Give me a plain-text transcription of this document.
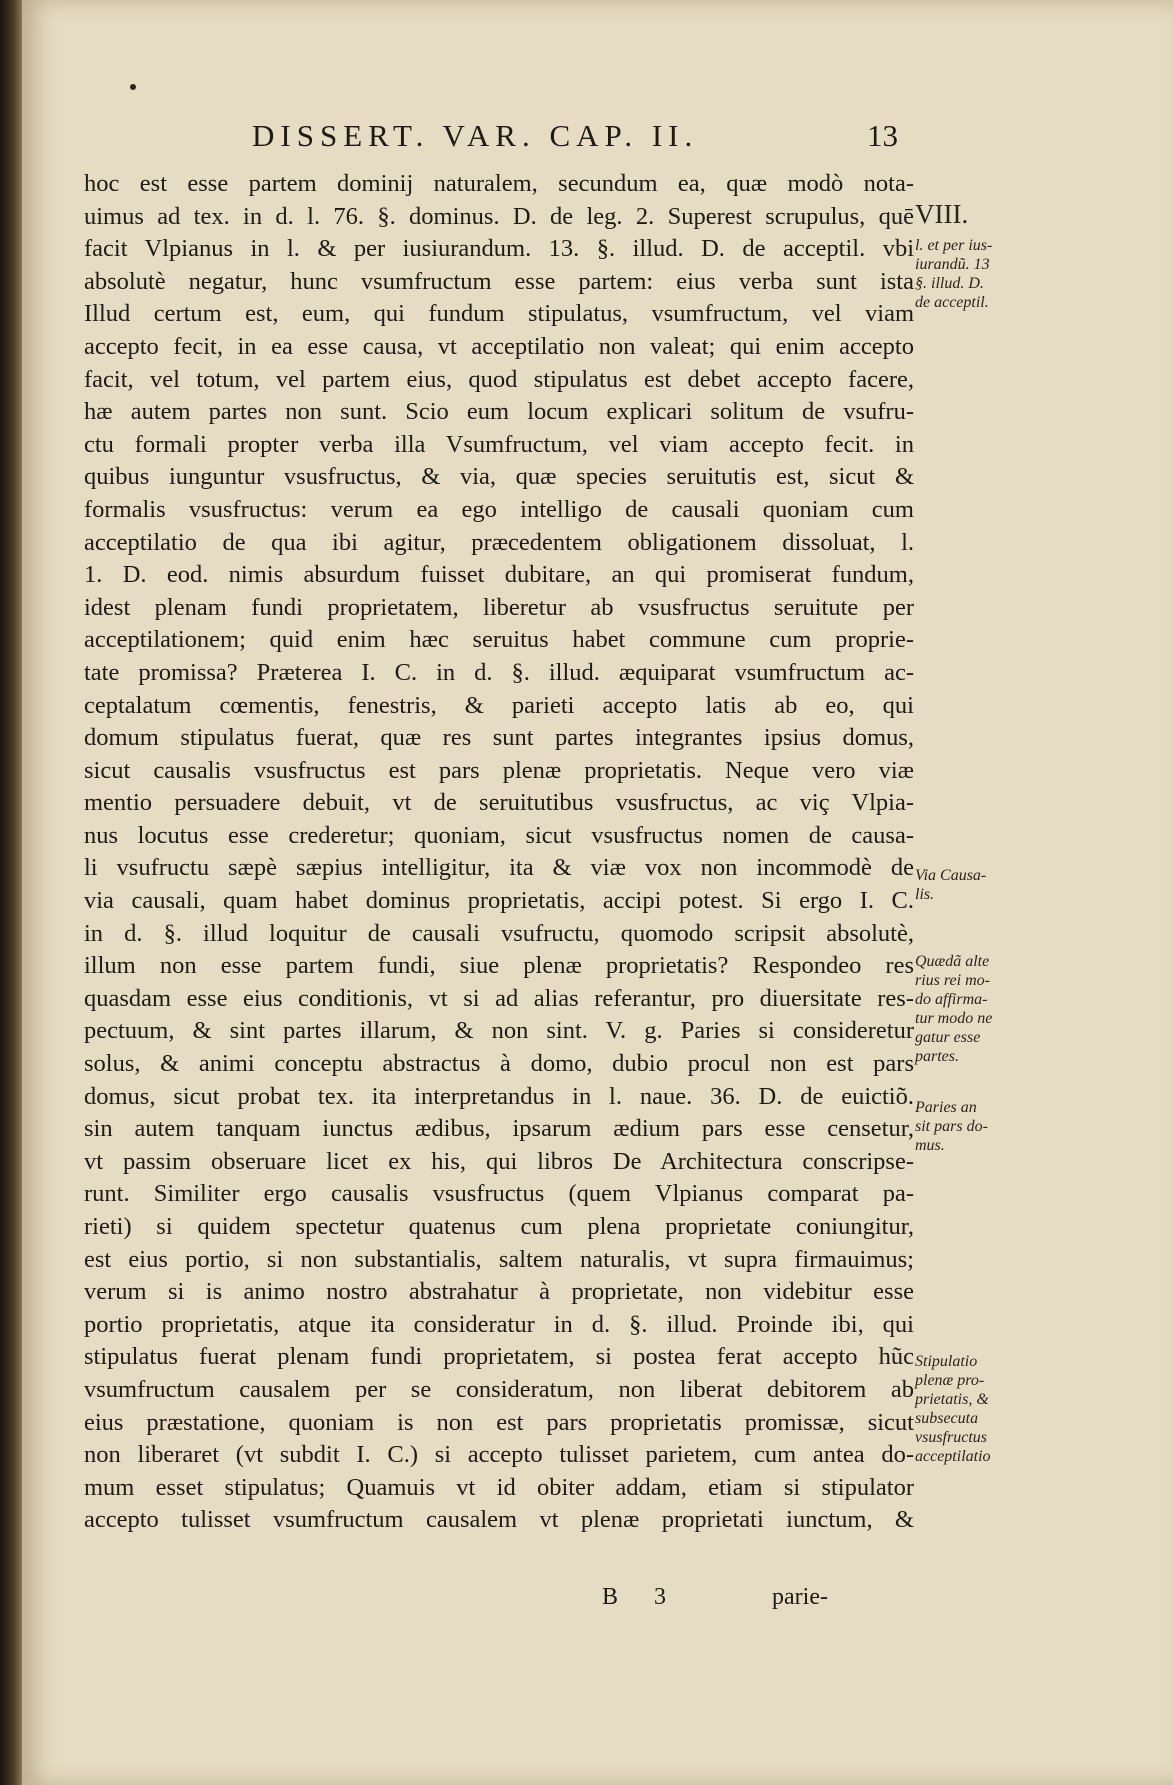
DISSERT. VAR. CAP. II.	13
hoc est esse partem dominij naturalem, secundum ea, quæ modò nota-
uimus ad tex. in d. l. 76. §. dominus. D. de leg. 2. Superest scrupulus, quē
facit Vlpianus in l. & per iusiurandum. 13. §. illud. D. de acceptil. vbi
absolutè negatur, hunc vsumfructum esse partem: eius verba sunt ista
Illud certum est, eum, qui fundum stipulatus, vsumfructum, vel viam
accepto fecit, in ea esse causa, vt acceptilatio non valeat; qui enim accepto
facit, vel totum, vel partem eius, quod stipulatus est debet accepto facere,
hæ autem partes non sunt. Scio eum locum explicari solitum de vsufru-
ctu formali propter verba illa Vsumfructum, vel viam accepto fecit. in
quibus iunguntur vsusfructus, & via, quæ species seruitutis est, sicut &
formalis vsusfructus: verum ea ego intelligo de causali quoniam cum
acceptilatio de qua ibi agitur, præcedentem obligationem dissoluat, l.
1. D. eod. nimis absurdum fuisset dubitare, an qui promiserat fundum,
idest plenam fundi proprietatem, liberetur ab vsusfructus seruitute per
acceptilationem; quid enim hæc seruitus habet commune cum proprie-
tate promissa? Præterea I. C. in d. §. illud. æquiparat vsumfructum ac-
ceptalatum cœmentis, fenestris, & parieti accepto latis ab eo, qui
domum stipulatus fuerat, quæ res sunt partes integrantes ipsius domus,
sicut causalis vsusfructus est pars plenæ proprietatis. Neque vero viæ
mentio persuadere debuit, vt de seruitutibus vsusfructus, ac viç Vlpia-
nus locutus esse crederetur; quoniam, sicut vsusfructus nomen de causa-
li vsufructu sæpè sæpius intelligitur, ita & viæ vox non incommodè de
via causali, quam habet dominus proprietatis, accipi potest. Si ergo I. C.
in d. §. illud loquitur de causali vsufructu, quomodo scripsit absolutè,
illum non esse partem fundi, siue plenæ proprietatis? Respondeo res
quasdam esse eius conditionis, vt si ad alias referantur, pro diuersitate res-
pectuum, & sint partes illarum, & non sint. V. g. Paries si consideretur
solus, & animi conceptu abstractus à domo, dubio procul non est pars
domus, sicut probat tex. ita interpretandus in l. naue. 36. D. de euictiõ.
sin autem tanquam iunctus ædibus, ipsarum ædium pars esse censetur,
vt passim obseruare licet ex his, qui libros De Architectura conscripse-
runt. Similiter ergo causalis vsusfructus (quem Vlpianus comparat pa-
rieti) si quidem spectetur quatenus cum plena proprietate coniungitur,
est eius portio, si non substantialis, saltem naturalis, vt supra firmauimus;
verum si is animo nostro abstrahatur à proprietate, non videbitur esse
portio proprietatis, atque ita consideratur in d. §. illud. Proinde ibi, qui
stipulatus fuerat plenam fundi proprietatem, si postea ferat accepto hũc
vsumfructum causalem per se consideratum, non liberat debitorem ab
eius præstatione, quoniam is non est pars proprietatis promissæ, sicut
non liberaret (vt subdit I. C.) si accepto tulisset parietem, cum antea do-
mum esset stipulatus; Quamuis vt id obiter addam, etiam si stipulator
accepto tulisset vsumfructum causalem vt plenæ proprietati iunctum, &
VIII.
l. et per ius-
iurandũ. 13
§. illud. D.
de acceptil.
Via Causa-
lis.
Quædã alte
rius rei mo-
do affirma-
tur modo ne
gatur esse
partes.
Paries an
sit pars do-
mus.
Stipulatio
plenæ pro-
prietatis, &
subsecuta
vsusfructus
acceptilatio
B 3	parie-
